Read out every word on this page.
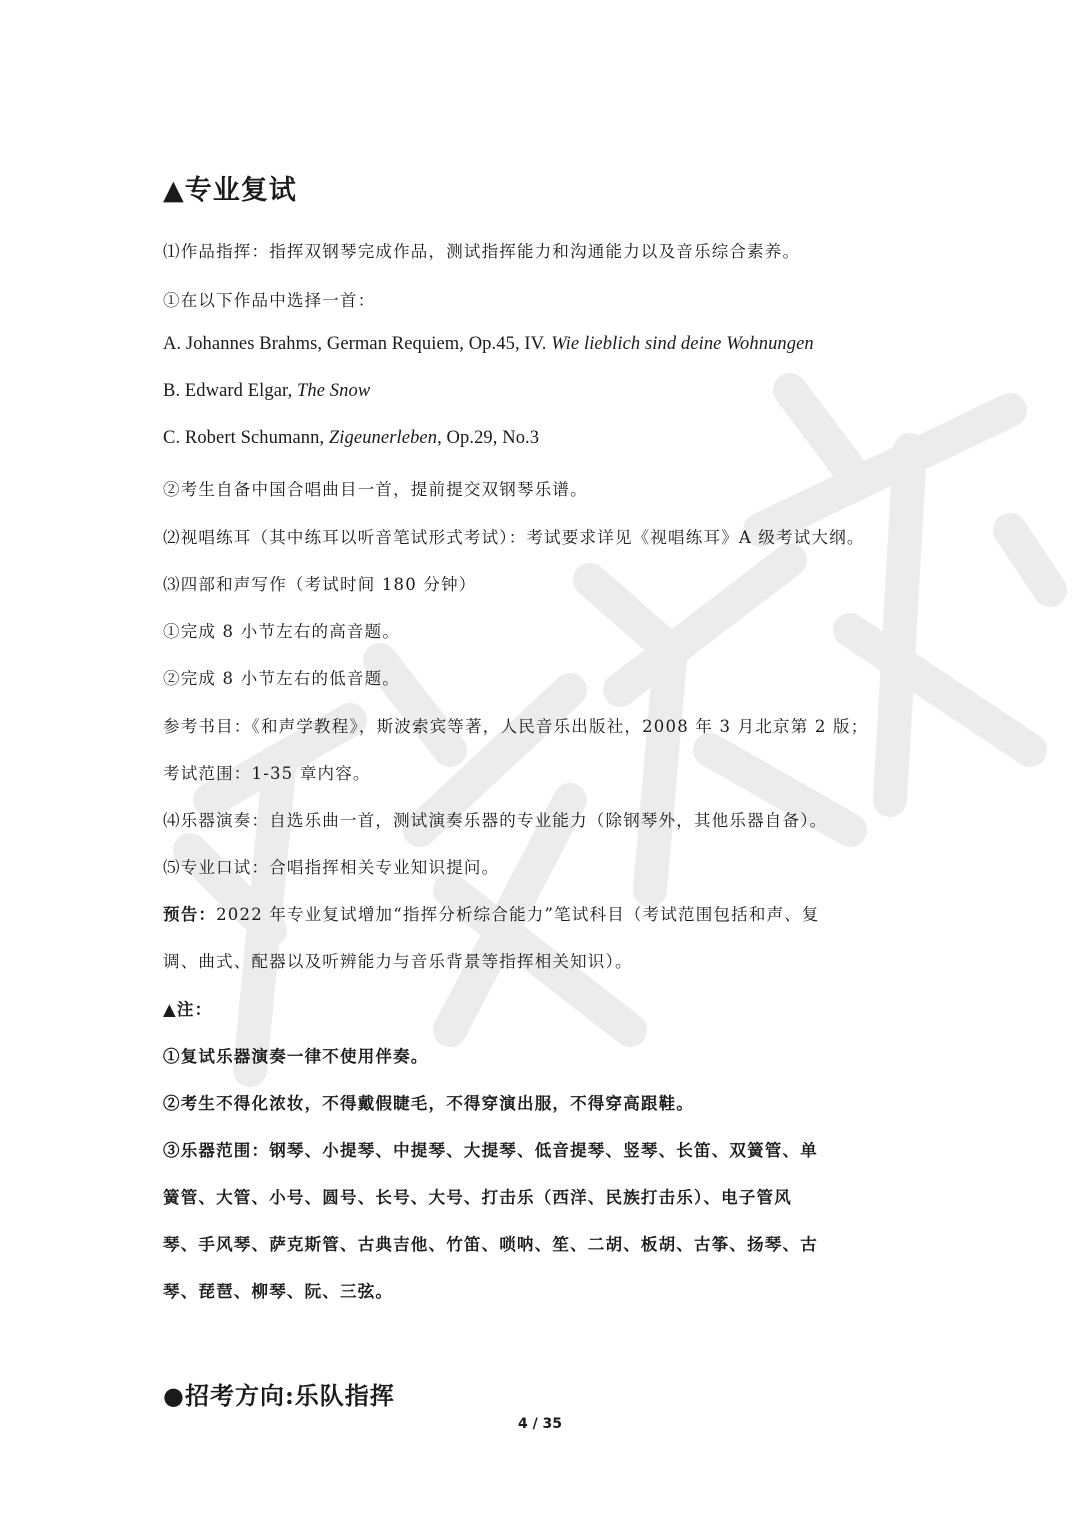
▲专业复试
⑴作品指挥：指挥双钢琴完成作品，测试指挥能力和沟通能力以及音乐综合素养。
①在以下作品中选择一首：
A. Johannes Brahms, German Requiem, Op.45, IV. Wie lieblich sind deine Wohnungen
B. Edward Elgar, The Snow
C. Robert Schumann, Zigeunerleben, Op.29, No.3
②考生自备中国合唱曲目一首，提前提交双钢琴乐谱。
⑵视唱练耳（其中练耳以听音笔试形式考试）：考试要求详见《视唱练耳》A 级考试大纲。
⑶四部和声写作（考试时间 180 分钟）
①完成 8 小节左右的高音题。
②完成 8 小节左右的低音题。
参考书目：《和声学教程》，斯波索宾等著，人民音乐出版社，2008 年 3 月北京第 2 版；
考试范围：1-35 章内容。
⑷乐器演奏：自选乐曲一首，测试演奏乐器的专业能力（除钢琴外，其他乐器自备）。
⑸专业口试：合唱指挥相关专业知识提问。
预告：2022 年专业复试增加“指挥分析综合能力”笔试科目（考试范围包括和声、复
调、曲式、配器以及听辨能力与音乐背景等指挥相关知识）。
▲注：
①复试乐器演奏一律不使用伴奏。
②考生不得化浓妆，不得戴假睫毛，不得穿演出服，不得穿高跟鞋。
③乐器范围：钢琴、小提琴、中提琴、大提琴、低音提琴、竖琴、长笛、双簧管、单
簧管、大管、小号、圆号、长号、大号、打击乐（西洋、民族打击乐）、电子管风
琴、手风琴、萨克斯管、古典吉他、竹笛、唢呐、笙、二胡、板胡、古筝、扬琴、古
琴、琵琶、柳琴、阮、三弦。
●招考方向:乐队指挥
4 / 35
